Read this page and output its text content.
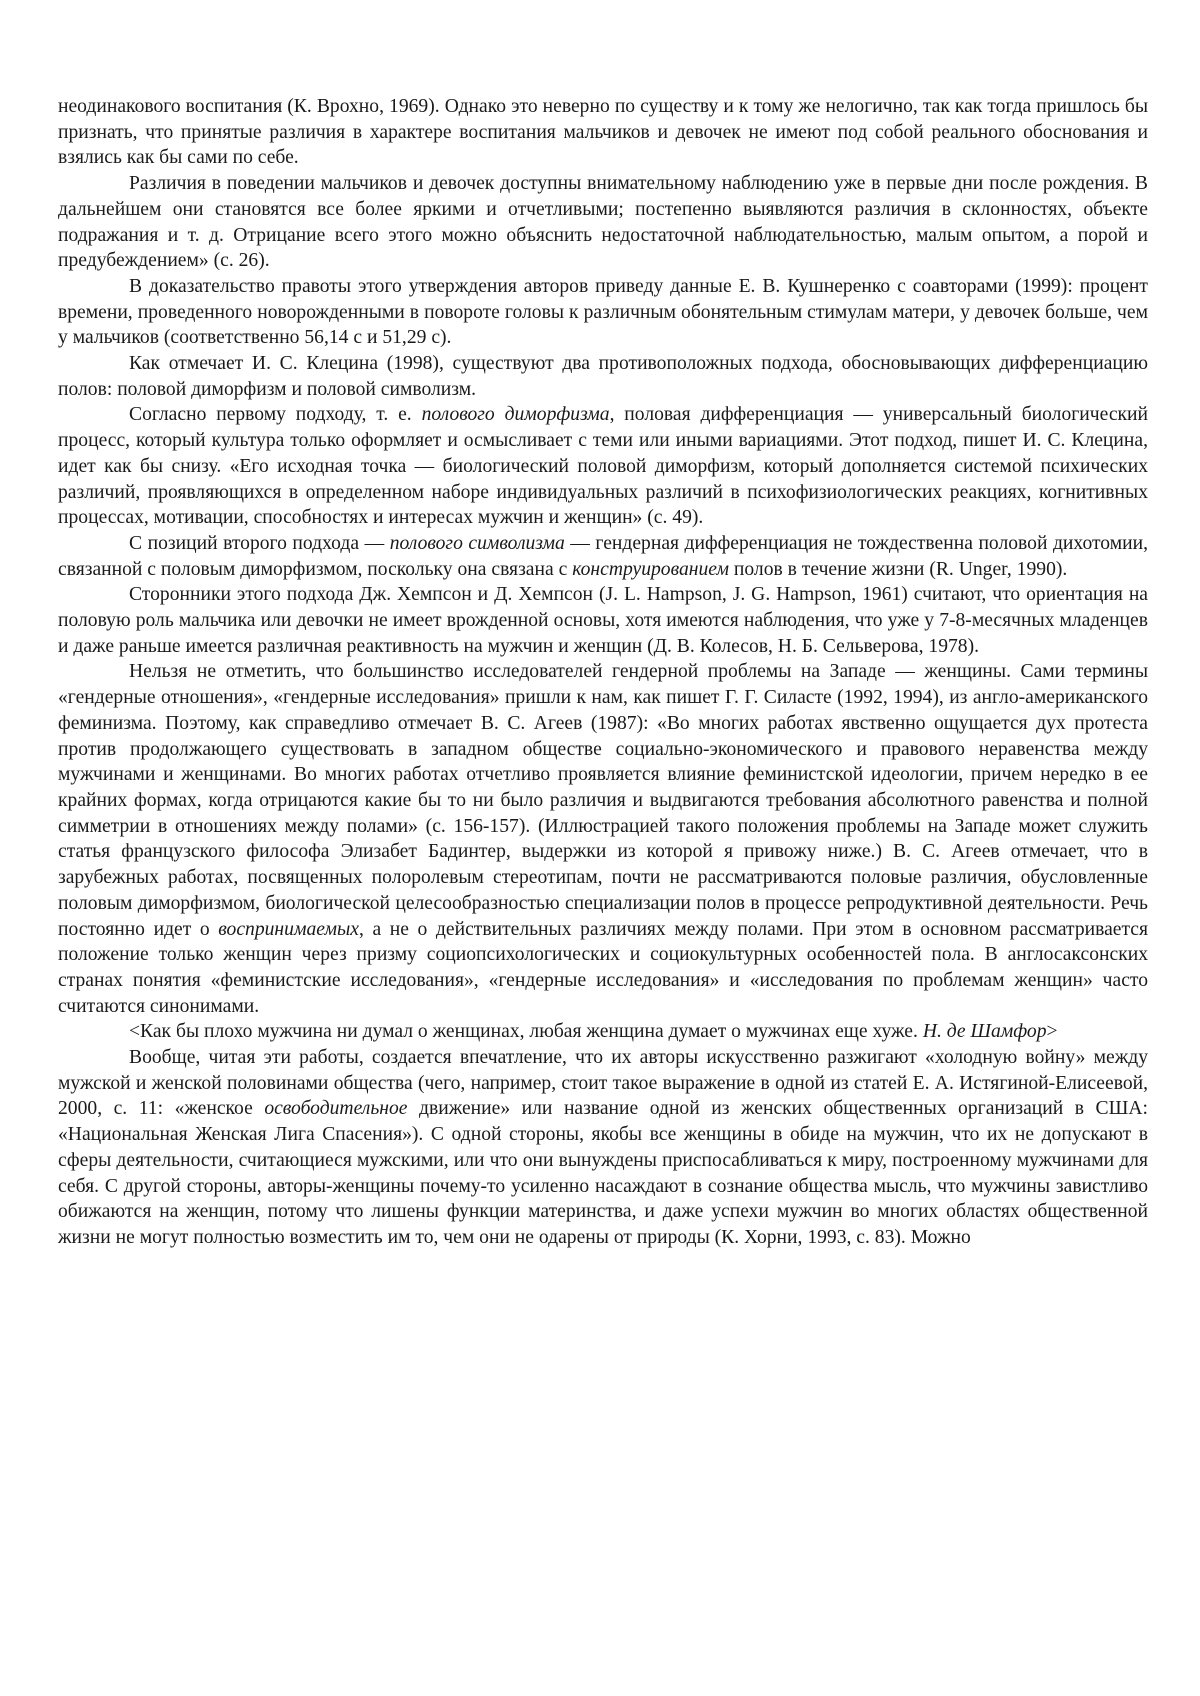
неодинакового воспитания (К. Врохно, 1969). Однако это неверно по существу и к тому же нелогично, так как тогда пришлось бы признать, что принятые различия в характере воспитания мальчиков и девочек не имеют под собой реального обоснования и взялись как бы сами по себе.

Различия в поведении мальчиков и девочек доступны внимательному наблюдению уже в первые дни после рождения. В дальнейшем они становятся все более яркими и отчетливыми; постепенно выявляются различия в склонностях, объекте подражания и т. д. Отрицание всего этого можно объяснить недостаточной наблюдательностью, малым опытом, а порой и предубеждением» (с. 26).

В доказательство правоты этого утверждения авторов приведу данные Е. В. Кушнеренко с соавторами (1999): процент времени, проведенного новорожденными в повороте головы к различным обонятельным стимулам матери, у девочек больше, чем у мальчиков (соответственно 56,14 с и 51,29 с).

Как отмечает И. С. Клецина (1998), существуют два противоположных подхода, обосновывающих дифференциацию полов: половой диморфизм и половой символизм.

Согласно первому подходу, т. е. полового диморфизма, половая дифференциация — универсальный биологический процесс, который культура только оформляет и осмысливает с теми или иными вариациями. Этот подход, пишет И. С. Клецина, идет как бы снизу. «Его исходная точка — биологический половой диморфизм, который дополняется системой психических различий, проявляющихся в определенном наборе индивидуальных различий в психофизиологических реакциях, когнитивных процессах, мотивации, способностях и интересах мужчин и женщин» (с. 49).

С позиций второго подхода — полового символизма — гендерная дифференциация не тождественна половой дихотомии, связанной с половым диморфизмом, поскольку она связана с конструированием полов в течение жизни (R. Unger, 1990).

Сторонники этого подхода Дж. Хемпсон и Д. Хемпсон (J. L. Hampson, J. G. Hampson, 1961) считают, что ориентация на половую роль мальчика или девочки не имеет врожденной основы, хотя имеются наблюдения, что уже у 7-8-месячных младенцев и даже раньше имеется различная реактивность на мужчин и женщин (Д. В. Колесов, Н. Б. Сельверова, 1978).

Нельзя не отметить, что большинство исследователей гендерной проблемы на Западе — женщины. Сами термины «гендерные отношения», «гендерные исследования» пришли к нам, как пишет Г. Г. Силасте (1992, 1994), из англо-американского феминизма. Поэтому, как справедливо отмечает В. С. Агеев (1987): «Во многих работах явственно ощущается дух протеста против продолжающего существовать в западном обществе социально-экономического и правового неравенства между мужчинами и женщинами. Во многих работах отчетливо проявляется влияние феминистской идеологии, причем нередко в ее крайних формах, когда отрицаются какие бы то ни было различия и выдвигаются требования абсолютного равенства и полной симметрии в отношениях между полами» (с. 156-157). (Иллюстрацией такого положения проблемы на Западе может служить статья французского философа Элизабет Бадинтер, выдержки из которой я привожу ниже.) В. С. Агеев отмечает, что в зарубежных работах, посвященных полоролевым стереотипам, почти не рассматриваются половые различия, обусловленные половым диморфизмом, биологической целесообразностью специализации полов в процессе репродуктивной деятельности. Речь постоянно идет о воспринимаемых, а не о действительных различиях между полами. При этом в основном рассматривается положение только женщин через призму социопсихологических и социокультурных особенностей пола. В англосаксонских странах понятия «феминистские исследования», «гендерные исследования» и «исследования по проблемам женщин» часто считаются синонимами.

<Как бы плохо мужчина ни думал о женщинах, любая женщина думает о мужчинах еще хуже. Н. де Шамфор>

Вообще, читая эти работы, создается впечатление, что их авторы искусственно разжигают «холодную войну» между мужской и женской половинами общества (чего, например, стоит такое выражение в одной из статей Е. А. Истягиной-Елисеевой, 2000, с. 11: «женское освободительное движение» или название одной из женских общественных организаций в США: «Национальная Женская Лига Спасения»). С одной стороны, якобы все женщины в обиде на мужчин, что их не допускают в сферы деятельности, считающиеся мужскими, или что они вынуждены приспосабливаться к миру, построенному мужчинами для себя. С другой стороны, авторы-женщины почему-то усиленно насаждают в сознание общества мысль, что мужчины завистливо обижаются на женщин, потому что лишены функции материнства, и даже успехи мужчин во многих областях общественной жизни не могут полностью возместить им то, чем они не одарены от природы (К. Хорни, 1993, с. 83). Можно
